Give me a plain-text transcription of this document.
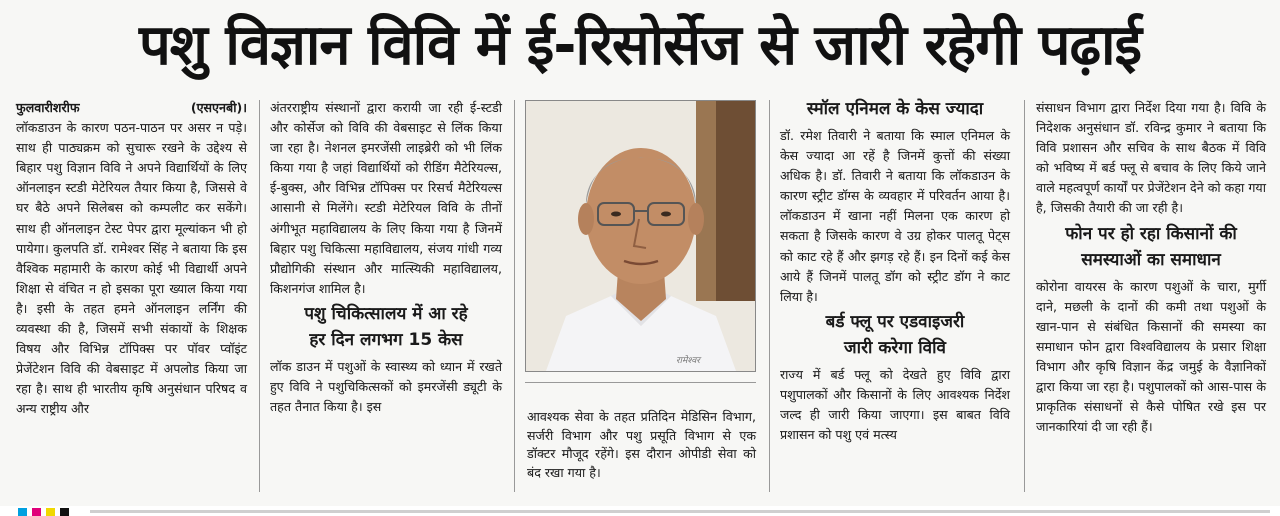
पशु विज्ञान विवि में ई-रिसोर्सेज से जारी रहेगी पढ़ाई
फुलवारीशरीफ	(एसएनबी)।

लॉकडाउन के कारण पठन-पाठन पर असर न पड़े। साथ ही पाठ्यक्रम को सुचारू रखने के उद्देश्य से बिहार पशु विज्ञान विवि ने अपने विद्यार्थियों के लिए ऑनलाइन स्टडी मेटेरियल तैयार किया है, जिससे वे घर बैठे अपने सिलेबस को कम्पलीट कर सकेंगे। साथ ही ऑनलाइन टेस्ट पेपर द्वारा मूल्यांकन भी हो पायेगा। कुलपति डॉ. रामेश्वर सिंह ने बताया कि इस वैश्विक महामारी के कारण कोई भी विद्यार्थी अपने शिक्षा से वंचित न हो इसका पूरा ख्याल किया गया है। इसी के तहत हमने ऑनलाइन लर्निंग की व्यवस्था की है, जिसमें सभी संकायों के शिक्षक विषय और विभिन्न टॉपिक्स पर पॉवर प्वॉइंट प्रेजेंटेशन विवि की वेबसाइट में अपलोड किया जा रहा है। साथ ही भारतीय कृषि अनुसंधान परिषद व अन्य राष्ट्रीय और

अंतरराष्ट्रीय संस्थानों द्वारा करायी जा रही ई-स्टडी और कोर्सेज को विवि की वेबसाइट से लिंक किया जा रहा है। नेशनल इमरजेंसी लाइब्रेरी को भी लिंक किया गया है जहां विद्यार्थियों को रीडिंग मैटेरियल्स, ई-बुक्स, और विभिन्न टॉपिक्स पर रिसर्च मैटेरियल्स आसानी से मिलेंगे। स्टडी मेटेरियल विवि के तीनों अंगीभूत महाविद्यालय के लिए किया गया है जिनमें बिहार पशु चिकित्सा महाविद्यालय, संजय गांधी गव्य प्रौद्योगिकी संस्थान और मात्स्यिकी महाविद्यालय, किशनगंज शामिल है।

पशु चिकित्सालय में आ रहे
हर दिन लगभग 15 केस

लॉक डाउन में पशुओं के स्वास्थ्य को ध्यान में रखते हुए विवि ने पशुचिकित्सकों को इमरजेंसी ड्यूटी के तहत तैनात किया है। इस

रामेश्वर

आवश्यक सेवा के तहत प्रतिदिन मेडिसिन विभाग, सर्जरी विभाग और पशु प्रसूति विभाग से एक डॉक्टर मौजूद रहेंगे। इस दौरान ओपीडी सेवा को बंद रखा गया है।

स्मॉल एनिमल के केस ज्यादा

डॉ. रमेश तिवारी ने बताया कि स्माल एनिमल के केस ज्यादा आ रहें है जिनमें कुत्तों की संख्या अधिक है। डॉ. तिवारी ने बताया कि लॉकडाउन के कारण स्ट्रीट डॉग्स के व्यवहार में परिवर्तन आया है। लॉकडाउन में खाना नहीं मिलना एक कारण हो सकता है जिसके कारण वे उग्र होकर पालतू पेट्स को काट रहे हैं और झगड़ रहे हैं। इन दिनों कई केस आये हैं जिनमें पालतू डॉग को स्ट्रीट डॉग ने काट लिया है।

बर्ड फ्लू पर एडवाइजरी
जारी करेगा विवि

राज्य में बर्ड फ्लू को देखते हुए विवि द्वारा पशुपालकों और किसानों के लिए आवश्यक निर्देश जल्द ही जारी किया जाएगा। इस बाबत विवि प्रशासन को पशु एवं मत्स्य

संसाधन विभाग द्वारा निर्देश दिया गया है। विवि के निदेशक अनुसंधान डॉ. रविन्द्र कुमार ने बताया कि विवि प्रशासन और सचिव के साथ बैठक में विवि को भविष्य में बर्ड फ्लू से बचाव के लिए किये जाने वाले महत्वपूर्ण कार्यों पर प्रेजेंटेशन देने को कहा गया है, जिसकी तैयारी की जा रही है।

फोन पर हो रहा किसानों की
समस्याओं का समाधान

कोरोना वायरस के कारण पशुओं के चारा, मुर्गी दाने, मछली के दानों की कमी तथा पशुओं के खान-पान से संबंधित किसानों की समस्या का समाधान फोन द्वारा विश्वविद्यालय के प्रसार शिक्षा विभाग और कृषि विज्ञान केंद्र जमुई के वैज्ञानिकों द्वारा किया जा रहा है। पशुपालकों को आस-पास के प्राकृतिक संसाधनों से कैसे पोषित रखे इस पर जानकारियां दी जा रही हैं।
